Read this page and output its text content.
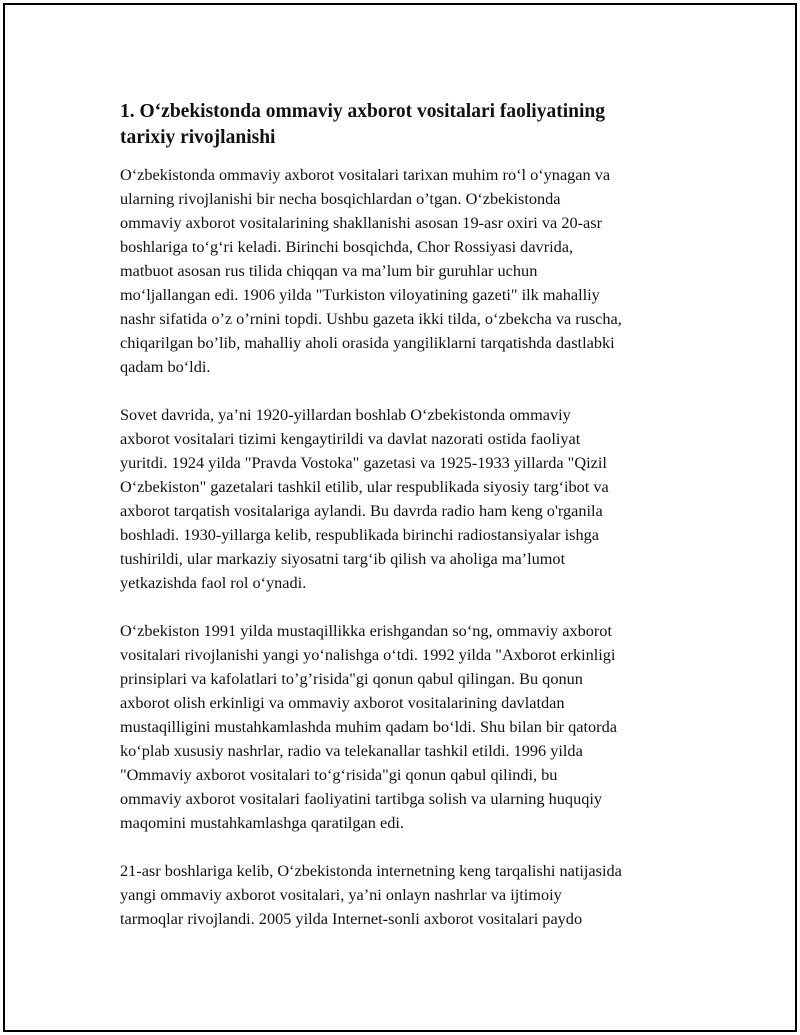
1. O‘zbekistonda ommaviy axborot vositalari faoliyatining
tarixiy rivojlanishi

O‘zbekistonda ommaviy axborot vositalari tarixan muhim ro‘l o‘ynagan va
ularning rivojlanishi bir necha bosqichlardan o’tgan. O‘zbekistonda
ommaviy axborot vositalarining shakllanishi asosan 19-asr oxiri va 20-asr
boshlariga to‘g‘ri keladi. Birinchi bosqichda, Chor Rossiyasi davrida,
matbuot asosan rus tilida chiqqan va ma’lum bir guruhlar uchun
mo‘ljallangan edi. 1906 yilda "Turkiston viloyatining gazeti" ilk mahalliy
nashr sifatida o’z o’rnini topdi. Ushbu gazeta ikki tilda, o‘zbekcha va ruscha,
chiqarilgan bo’lib, mahalliy aholi orasida yangiliklarni tarqatishda dastlabki
qadam bo‘ldi.

Sovet davrida, ya’ni 1920-yillardan boshlab O‘zbekistonda ommaviy
axborot vositalari tizimi kengaytirildi va davlat nazorati ostida faoliyat
yuritdi. 1924 yilda "Pravda Vostoka" gazetasi va 1925-1933 yillarda "Qizil
O‘zbekiston" gazetalari tashkil etilib, ular respublikada siyosiy targ‘ibot va
axborot tarqatish vositalariga aylandi. Bu davrda radio ham keng o'rganila
boshladi. 1930-yillarga kelib, respublikada birinchi radiostansiyalar ishga
tushirildi, ular markaziy siyosatni targ‘ib qilish va aholiga ma’lumot
yetkazishda faol rol o‘ynadi.

O‘zbekiston 1991 yilda mustaqillikka erishgandan so‘ng, ommaviy axborot
vositalari rivojlanishi yangi yo‘nalishga o‘tdi. 1992 yilda "Axborot erkinligi
prinsiplari va kafolatlari to’g’risida"gi qonun qabul qilingan. Bu qonun
axborot olish erkinligi va ommaviy axborot vositalarining davlatdan
mustaqilligini mustahkamlashda muhim qadam bo‘ldi. Shu bilan bir qatorda
ko‘plab xususiy nashrlar, radio va telekanallar tashkil etildi. 1996 yilda
"Ommaviy axborot vositalari to‘g‘risida"gi qonun qabul qilindi, bu
ommaviy axborot vositalari faoliyatini tartibga solish va ularning huquqiy
maqomini mustahkamlashga qaratilgan edi.

21-asr boshlariga kelib, O‘zbekistonda internetning keng tarqalishi natijasida
yangi ommaviy axborot vositalari, ya’ni onlayn nashrlar va ijtimoiy
tarmoqlar rivojlandi. 2005 yilda Internet-sonli axborot vositalari paydo
